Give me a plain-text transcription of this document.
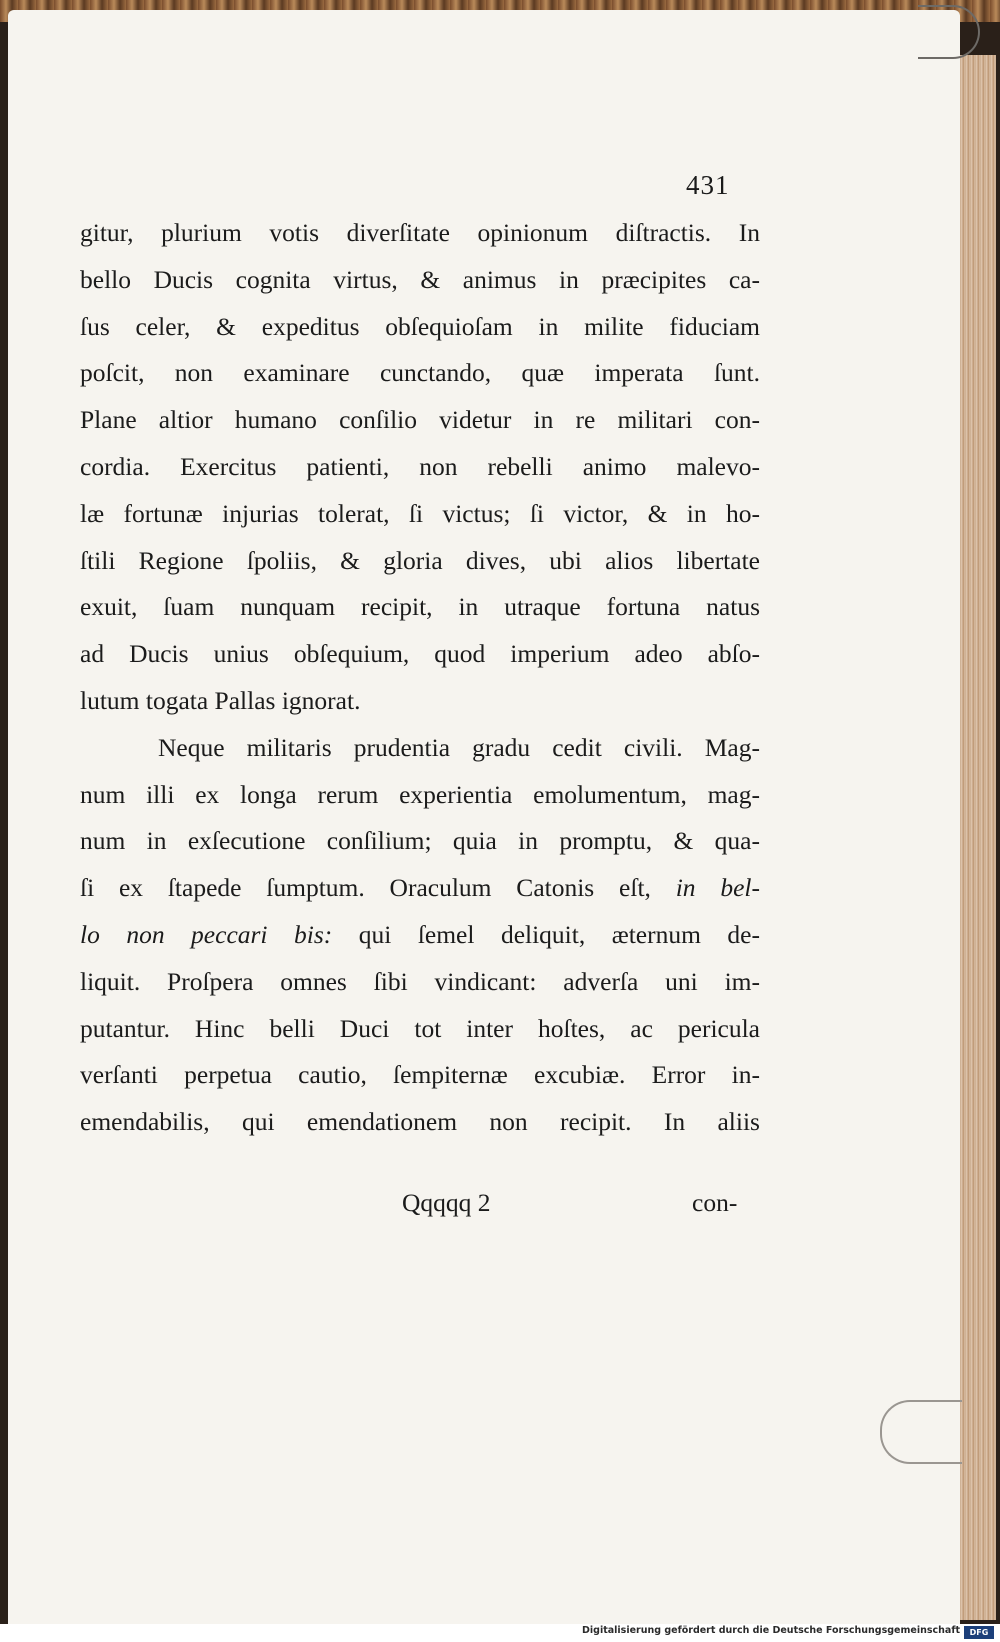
431
gitur, plurium votis diverſitate opinionum diſtractis. In
bello Ducis cognita virtus, & animus in præcipites ca-
ſus celer, & expeditus obſequioſam in milite fiduciam
poſcit, non examinare cunctando, quæ imperata ſunt.
Plane altior humano conſilio videtur in re militari con-
cordia. Exercitus patienti, non rebelli animo malevo-
læ fortunæ injurias tolerat, ſi victus; ſi victor, & in ho-
ſtili Regione ſpoliis, & gloria dives, ubi alios libertate
exuit, ſuam nunquam recipit, in utraque fortuna natus
ad Ducis unius obſequium, quod imperium adeo abſo-
lutum togata Pallas ignorat.
Neque militaris prudentia gradu cedit civili. Mag-
num illi ex longa rerum experientia emolumentum, mag-
num in exſecutione conſilium; quia in promptu, & qua-
ſi ex ſtapede ſumptum. Oraculum Catonis eſt, in bel-
lo non peccari bis: qui ſemel deliquit, æternum de-
liquit. Proſpera omnes ſibi vindicant: adverſa uni im-
putantur. Hinc belli Duci tot inter hoſtes, ac pericula
verſanti perpetua cautio, ſempiternæ excubiæ. Error in-
emendabilis, qui emendationem non recipit. In aliis
Qqqqq 2	con-
Digitalisierung gefördert durch die Deutsche Forschungsgemeinschaft	DFG
